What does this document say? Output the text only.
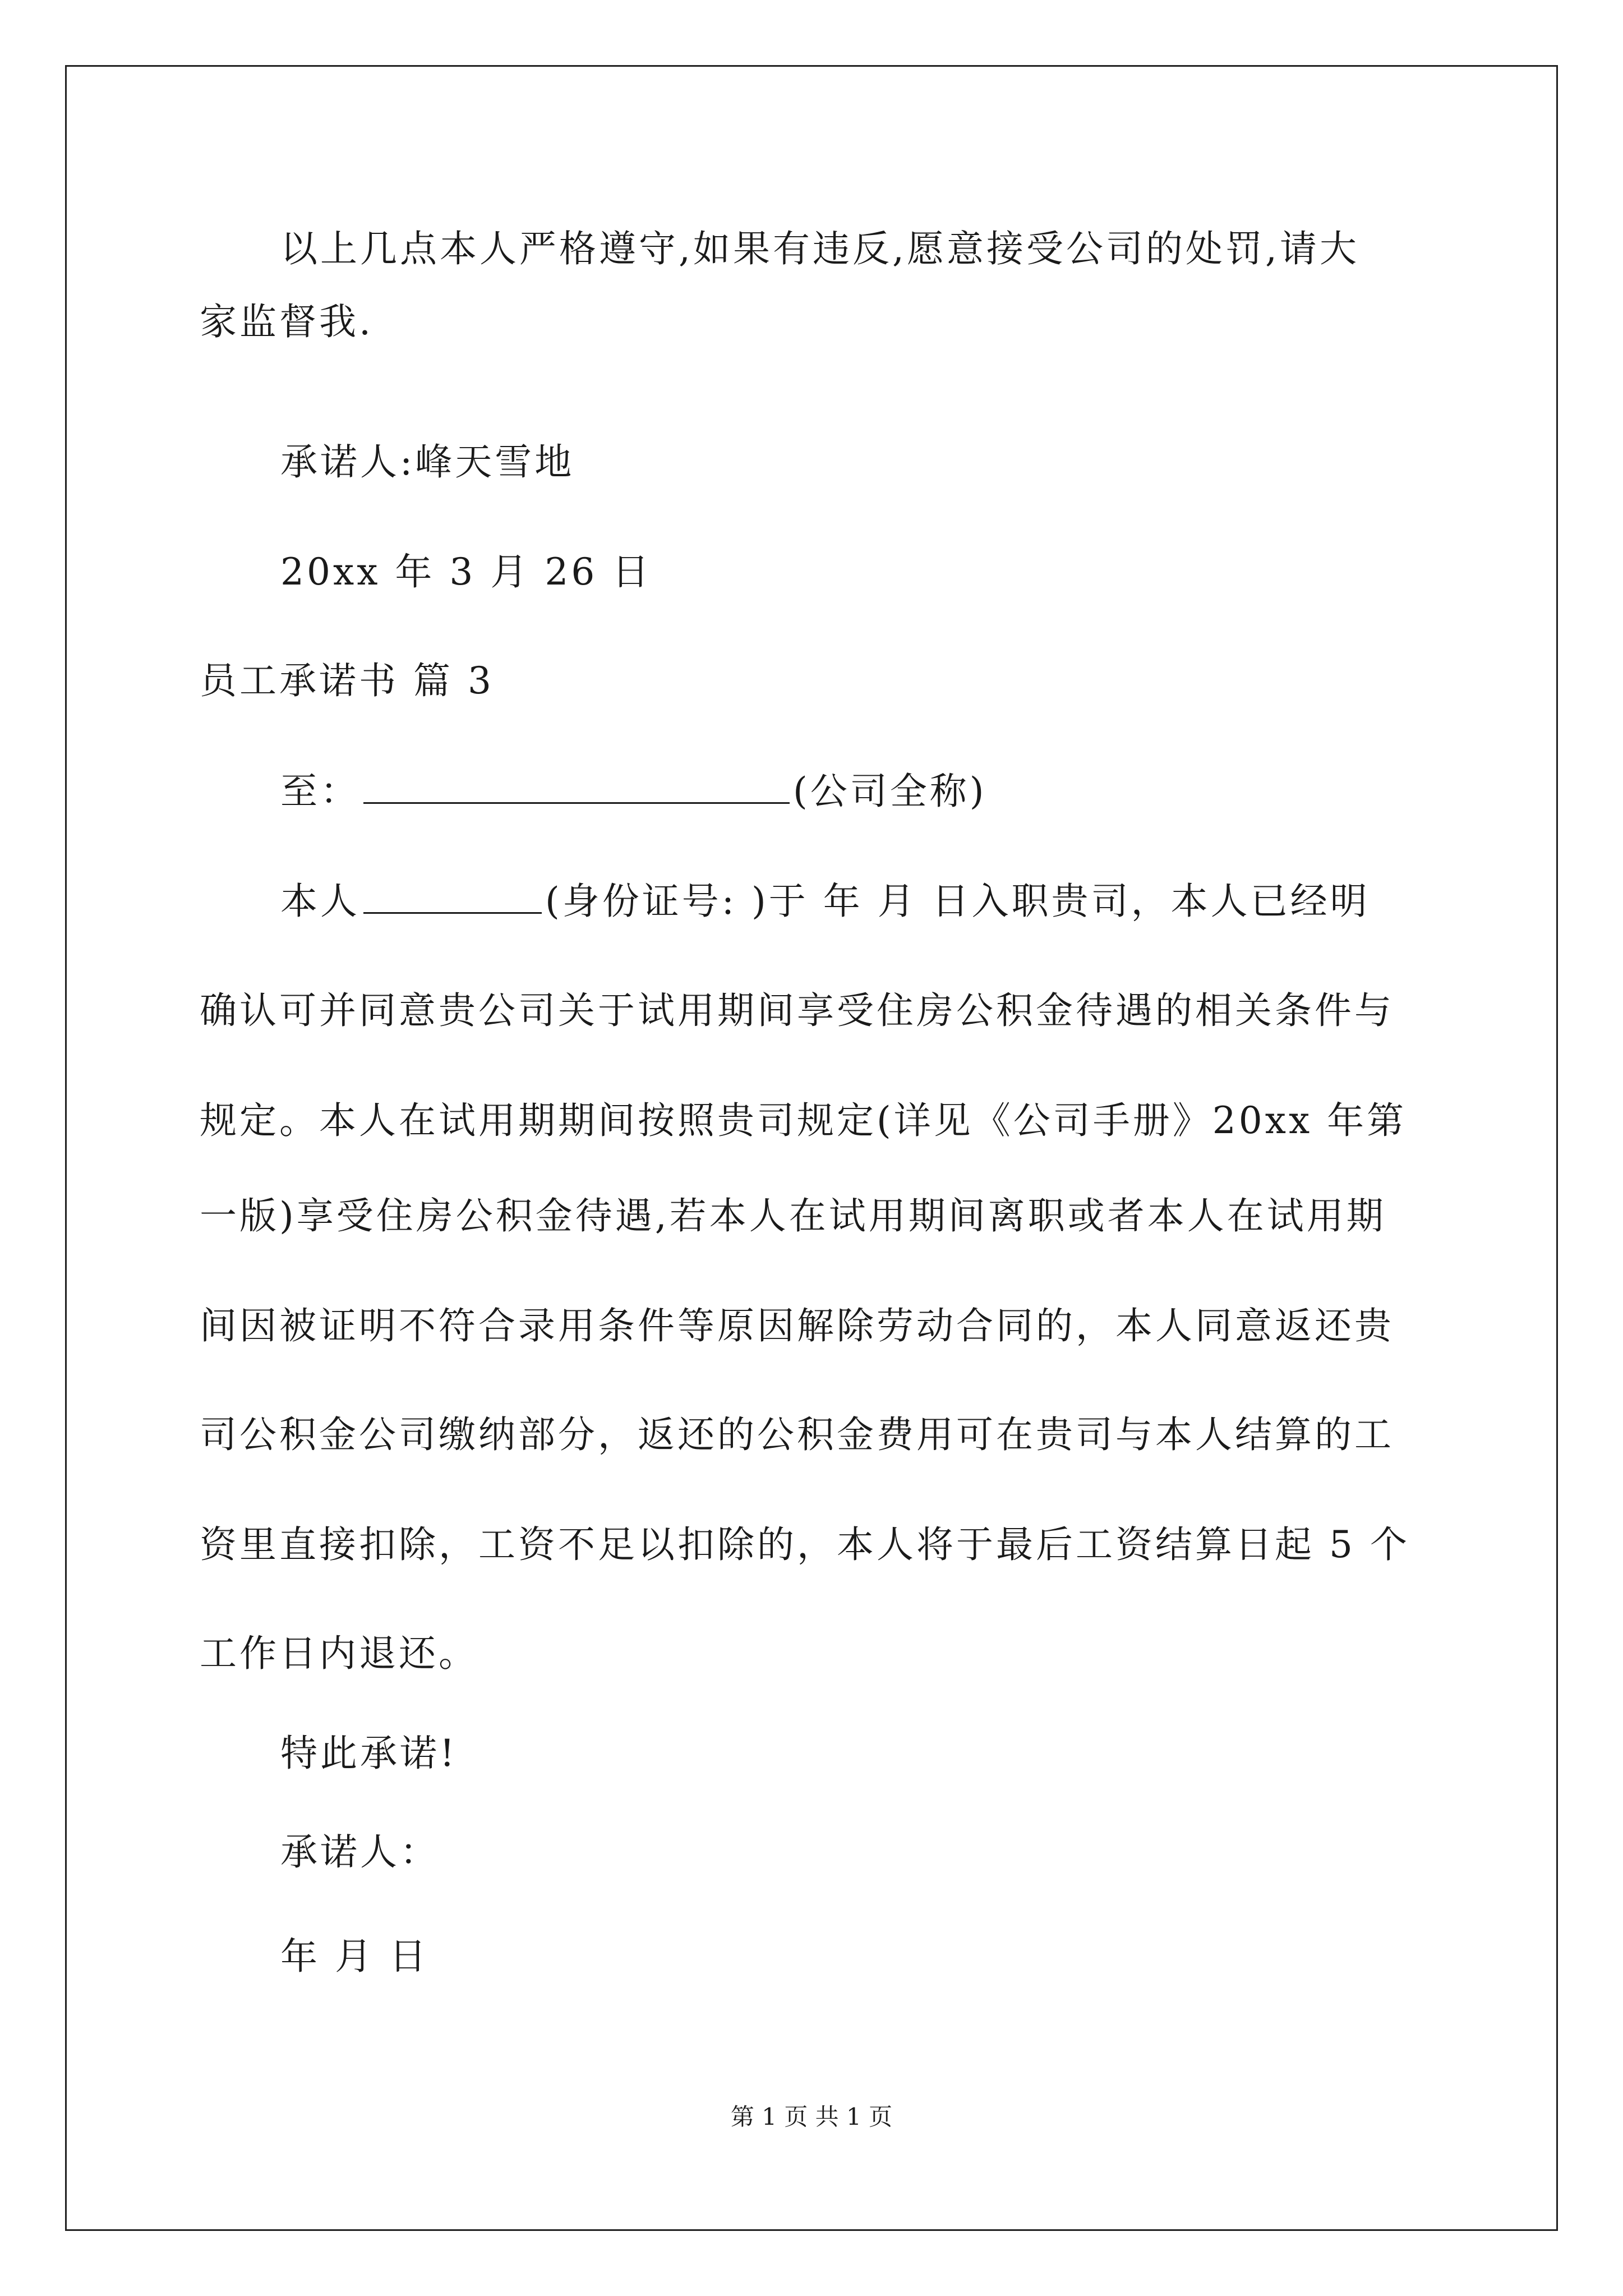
以上几点本人严格遵守,如果有违反,愿意接受公司的处罚,请大
家监督我.
承诺人:峰天雪地
20xx 年 3 月 26 日
员工承诺书 篇 3
至：	(公司全称)
本人	(身份证号: )于 年 月 日入职贵司，本人已经明
确认可并同意贵公司关于试用期间享受住房公积金待遇的相关条件与
规定。本人在试用期期间按照贵司规定(详见《公司手册》20xx 年第
一版)享受住房公积金待遇,若本人在试用期间离职或者本人在试用期
间因被证明不符合录用条件等原因解除劳动合同的，本人同意返还贵
司公积金公司缴纳部分，返还的公积金费用可在贵司与本人结算的工
资里直接扣除，工资不足以扣除的，本人将于最后工资结算日起 5 个
工作日内退还。
特此承诺!
承诺人：
年 月 日
第 1 页 共 1 页
